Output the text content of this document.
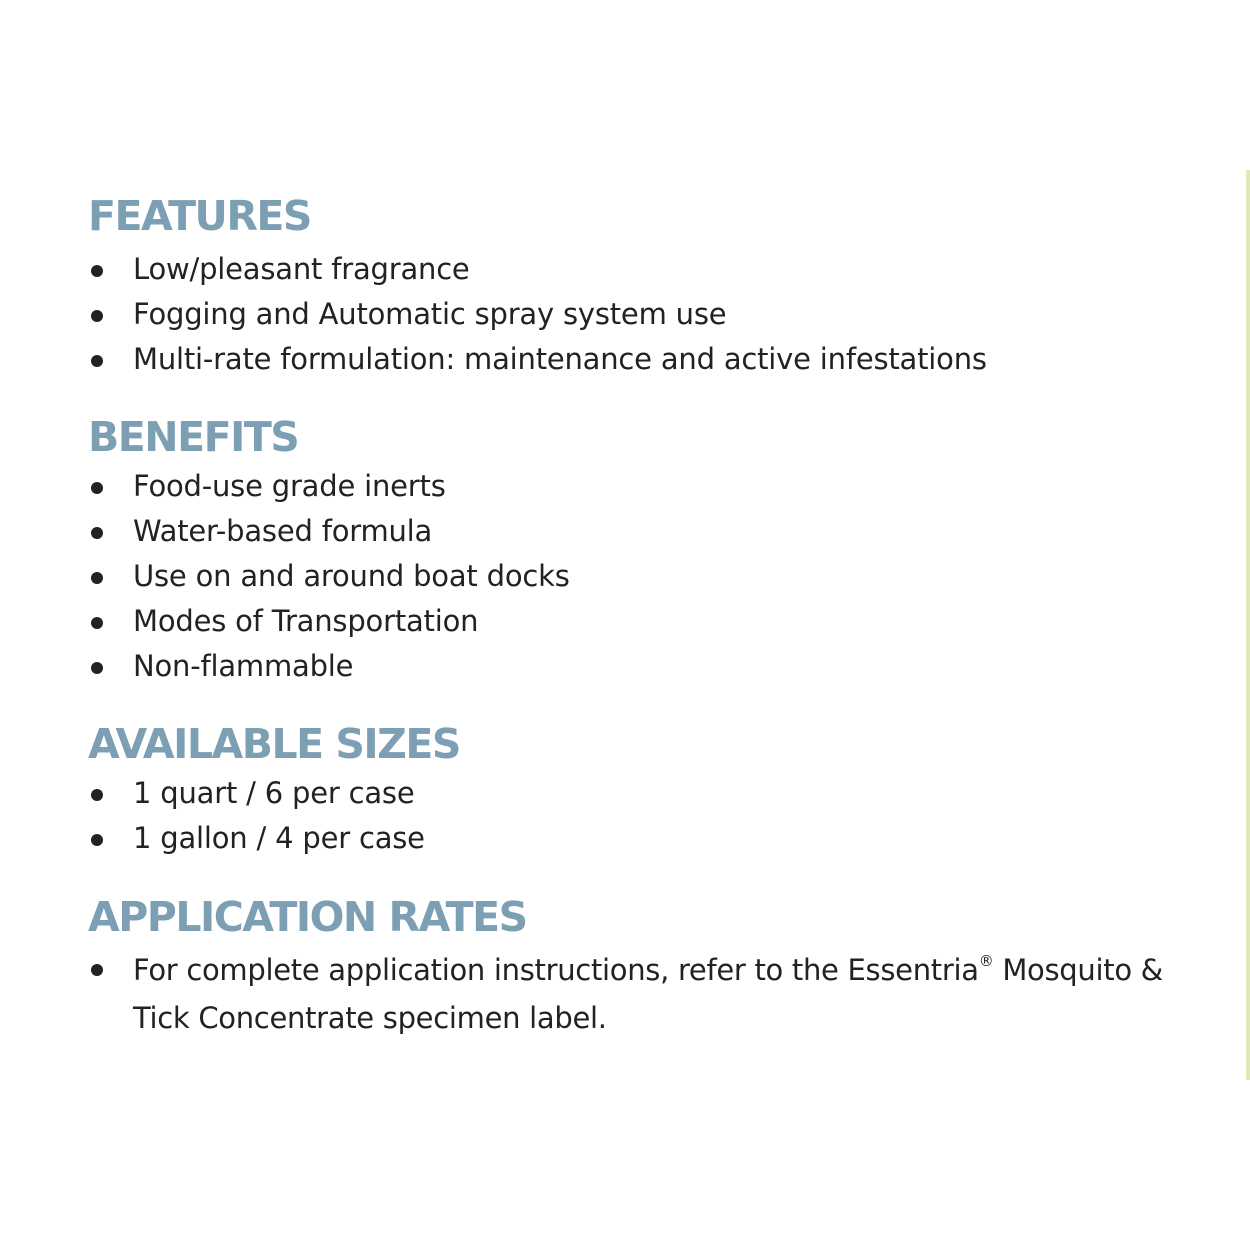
FEATURES
Low/pleasant fragrance
Fogging and Automatic spray system use
Multi-rate formulation: maintenance and active infestations
BENEFITS
Food-use grade inerts
Water-based formula
Use on and around boat docks
Modes of Transportation
Non-flammable
AVAILABLE SIZES
1 quart / 6 per case
1 gallon / 4 per case
APPLICATION RATES
For complete application instructions, refer to the Essentria® Mosquito & Tick Concentrate specimen label.
